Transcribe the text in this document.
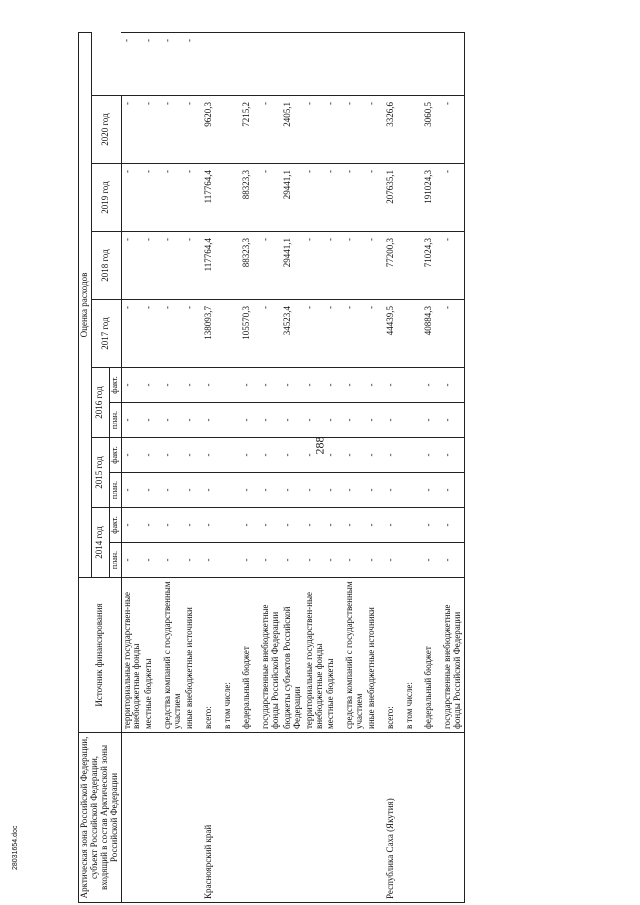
288
28031654.doc	Арктическая зона Российской Федерации, субъект Российской Федерации, входящий в состав Арктической зоны Российской Федерации	Источник финансирования	Оценка расходов										
		2014 год		2015 год		2016 год		2017 год	2018 год	2019 год	2020 год	
		план.	факт.	план.	факт.	план.	факт.					
	территориальные государствен-ные внебюджетные фонды	-	-	-	-	-	-	-	-	-	-	-
	местные бюджеты	-	-	-	-	-	-	-	-	-	-	-
	средства компаний с государственным участием	-	-	-	-	-	-	-	-	-	-	-
	иные внебюджетные источники	-	-	-	-	-	-	-	-	-	-	-
Красноярский край	всего:	-	-	-	-	-	-	138093,7	117764,4	117764,4	9620,3	
	в том числе:											
	федеральный бюджет	-	-	-	-	-	-	105570,3	88323,3	88323,3	7215,2	
	государственные внебюджетные фонды Российской Федерации	-	-	-	-	-	-	-	-	-	-	
	бюджеты субъектов Российской Федерации	-	-	-	-	-	-	34523,4	29441,1	29441,1	2405,1	
	территориальные государствен-ные внебюджетные фонды	-	-	-	-	-	-	-	-	-	-	
	местные бюджеты	-	-	-	-	-	-	-	-	-	-	
	средства компаний с государственным участием	-	-	-	-	-	-	-	-	-	-	
	иные внебюджетные источники	-	-	-	-	-	-	-	-	-	-	
Республика Саха (Якутия)	всего:	-	-	-	-	-	-	44439,5	77200,3	207635,1	3326,6	
	в том числе:											
	федеральный бюджет	-	-	-	-	-	-	40884,3	71024,3	191024,3	3060,5	
	государственные внебюджетные фонды Российской Федерации	-	-	-	-	-	-	-	-	-	-	
